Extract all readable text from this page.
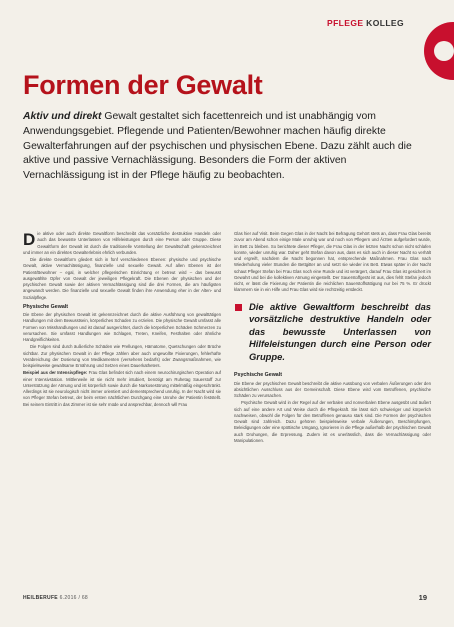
PFLEGE KOLLEG
Formen der Gewalt

Aktiv und direkt Gewalt gestaltet sich facettenreich und ist unabhängig vom Anwendungsgebiet. Pflegende und Patienten/Bewohner machen häufig direkte Gewalterfahrungen auf der psychischen und physischen Ebene. Dazu zählt auch die aktive und passive Vernachlässigung. Besonders die Form der aktiven Vernachlässigung ist in der Pflege häufig zu beobachten.

Die aktive oder auch direkte Gewaltform beschreibt das vorsätzliche destruktive Handeln oder auch das bewusste Unterlassen von Hilfeleistungen durch eine Person oder Gruppe. Diese Gewaltform der Gewalt ist durch die traditionelle Vorstellung der Gewaltschaft gekennzeichnet und immer an ein direktes Gewalterlebnis ehrlich verbunden.

Die direkte Gewaltform gliedert sich in fünf verschiedenen Ebenen: physische und psychische Gewalt, aktive Vernachlässigung, finanzielle und sexuelle Gewalt. Auf allen Ebenen ist der Patient/Bewohner – egal, in welcher pflegerischen Einrichtung er betreut wird – das bewusst ausgewählte Opfer von Gewalt der jeweiligen Pflegekraft. Die Ebenen der physischen und der psychischen Gewalt sowie der aktiven Vernachlässigung sind die drei Formen, die am häufigsten angewandt werden. Die finanzielle und sexuelle Gewalt finden ihre Anwendung eher in der Alten- und Sozialpflege.

Physische Gewalt

Die Ebene der physischen Gewalt ist gekennzeichnet durch die aktive Ausführung von gewalttätigen Handlungen mit dem Bewusstsein, körperliches Schaden zu erzielen. Die physische Gewalt umfasst alle Formen von Misshandlungen und ist darauf ausgerichtet, durch die körperlichen Schäden Schmerzen zu verursachen. Sie umfasst Handlungen wie Schlagen, Treten, Kneifen, Festhalten oder ähnliche Handgreiflichkeiten.

Die Folgen sind durch äußerliche Schäden wie Prellungen, Hämatome, Quetschungen oder Brüche sichtbar. Zur physischen Gewalt in der Pflege zählen aber auch ungewollte Fixierungen, fehlerhafte Verabreichung der Dosierung von Medikamenten (versehens bedarfs) oder Zwangsmaßnahmen, wie beispielsweise gewaltsame Ernährung und Setzen eines Dauerkatheters.

Beispiel aus der Intensivpflege: Frau Glas befindet sich nach einem neurochirurgischen Operation auf einer Intensivstation. Mittlerweile ist sie nicht mehr intubiert, benötigt am Ruhetag Sauerstoff zur Unterstützung der Atmung und ist körperlich sowie durch die Narkosestörung mittelmäßig eingeschränkt. Allerdings ist sie neurologisch nicht immer orientiert und dementsprechend unruhig. In der Nacht wird sie von Pfleger Stefan betreut, der beim ersten nächtlichen Durchgang eine Unruhe der Patientin feststellt. Bei seinem Eintritt in das Zimmer ist sie sehr müde und ansprechbar, dennoch will Frau

Glas hier auf Visit. Beim Gegen Glas in der Nacht bei Befragung Gehört stets an, dass Frau Glas bereits zuvor am Abend schon einige Male unruhig war und noch von Pflegern und Ärzten aufgefordert wurde, im Bett zu bleiben. So berichtete dieser Pfleger, die Frau Glas in der letzten Nacht schon nicht schlafen konnte, wieder unruhig war. Daher geht Stefan davon aus, dass es sich auch in dieser Nacht so verhält und ergreift, nachdem die Nacht begonnen hat, entsprechende Maßnahmen. Frau Glas nach Wiederholung vieler Stunden die Bettgitter an und setzt sie wieder ins Bett. Etwas später in der Nacht schaut Pfleger Stefan bei Frau Glas noch eine Runde und ist verärgert, darauf Frau Glas ist gesichert im Gewahrt und bei die kollektiven Atmung eingestellt. Der Sauerstoffgerät ist aus, dies fehlt Stefan jedoch nicht, er lässt die Fixierung der Patientin die reichlichen Sauerstoffsättigung nur bei 75 %. Er drückt klammern sie in ein Hilfe und Frau Glas wird sie rechtzeitig entdeckt.

Die aktive Gewaltform beschreibt das vorsätzliche destruktive Handeln oder das bewusste Unterlassen von Hilfeleistungen durch eine Person oder Gruppe.
Psychische Gewalt

Die Ebene der psychischen Gewalt beschreibt die aktive Ausübung von verbalen Äußerungen oder den absichtlichen Ausschluss aus der Gemeinschaft. Diese Ebene wird vom Betroffenen, psychische Schäden zu verursachen.

Psychische Gewalt wird in der Regel auf der verbalen und nonverbalen Ebene ausgeübt und äußert sich auf eine andere Art und Weise durch die Pflegekraft. Sie lässt sich schwieriger und körperlich nachweisen, obwohl die Folgen für den Betroffenen genauso stark sind. Die Formen der psychischen Gewalt sind zahlreich. Dazu gehören beispielsweise verbale Äußerungen, Beschimpfungen, Beleidigungen oder eine spöttische Umgang, Ignorieren in die Pflege außerhalb der psychischen Gewalt auch Drohungen, die Erpressung. Zudem ist es unerlässlich, dass die Vernachlässigung oder Manipulationen.

HEILBERUFE 6.2016 / 68	19
